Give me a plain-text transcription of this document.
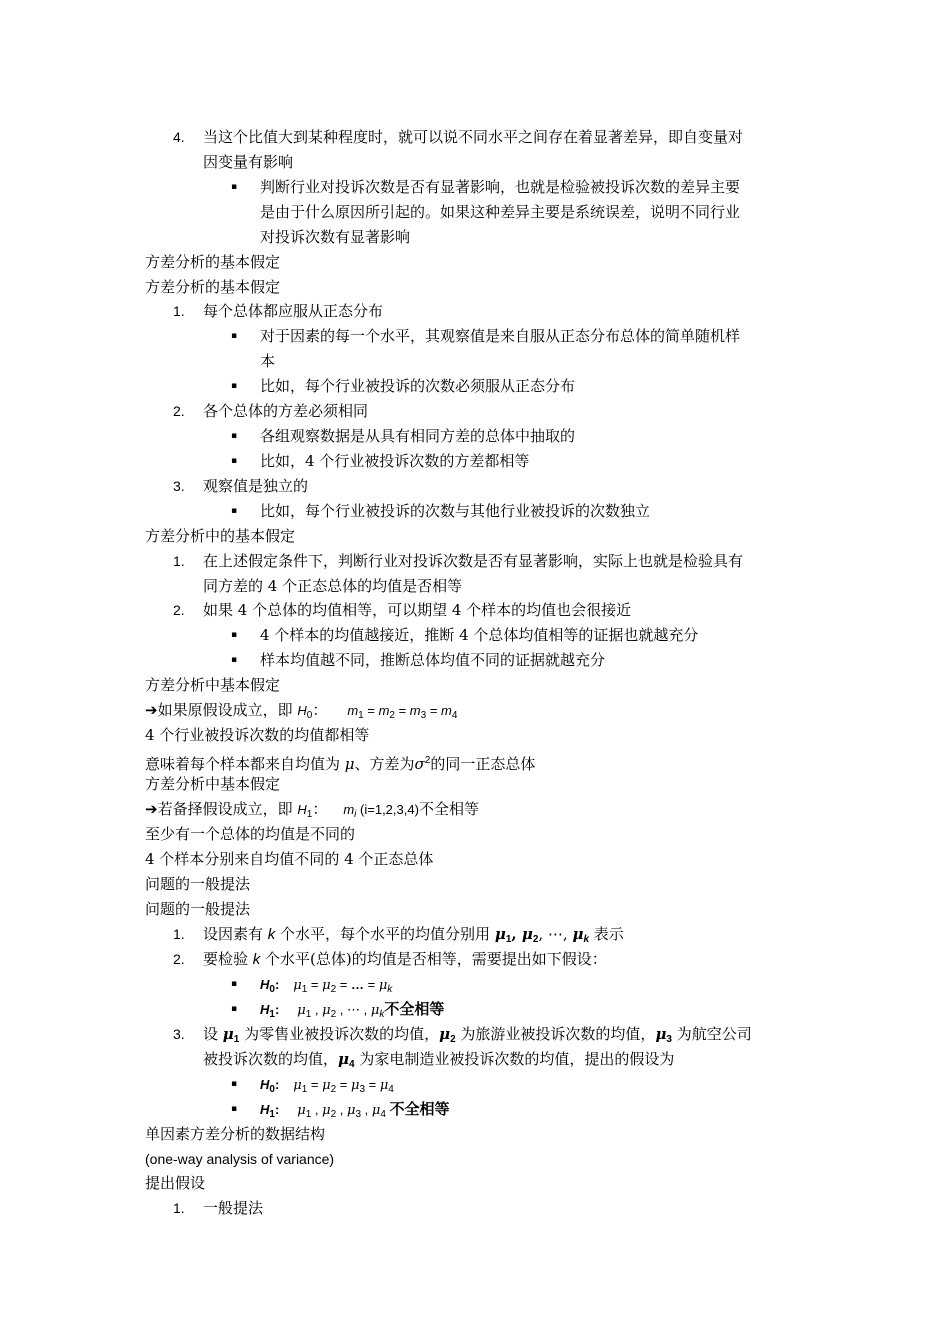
4.	当这个比值大到某种程度时，就可以说不同水平之间存在着显著差异，即自变量对
因变量有影响
▪ 判断行业对投诉次数是否有显著影响，也就是检验被投诉次数的差异主要
是由于什么原因所引起的。如果这种差异主要是系统误差，说明不同行业
对投诉次数有显著影响
方差分析的基本假定
方差分析的基本假定
1.	每个总体都应服从正态分布
▪ 对于因素的每一个水平，其观察值是来自服从正态分布总体的简单随机样
本
▪ 比如，每个行业被投诉的次数必须服从正态分布
2.	各个总体的方差必须相同
▪ 各组观察数据是从具有相同方差的总体中抽取的
▪ 比如，4 个行业被投诉次数的方差都相等
3.	观察值是独立的
▪ 比如，每个行业被投诉的次数与其他行业被投诉的次数独立
方差分析中的基本假定
1.	在上述假定条件下，判断行业对投诉次数是否有显著影响，实际上也就是检验具有
同方差的 4 个正态总体的均值是否相等
2.	如果 4 个总体的均值相等，可以期望 4 个样本的均值也会很接近
▪ 4 个样本的均值越接近，推断 4 个总体均值相等的证据也就越充分
▪ 样本均值越不同，推断总体均值不同的证据就越充分
方差分析中基本假定
➔如果原假设成立，即 $H_0$： $m_1 = m_2 = m_3 = m_4$
4 个行业被投诉次数的均值都相等
意味着每个样本都来自均值为 μ、方差为$\sigma^2$的同一正态总体
方差分析中基本假定
➔若备择假设成立，即 $H_1$： $m_i$ (i=1,2,3,4)不全相等
至少有一个总体的均值是不同的
4 个样本分别来自均值不同的 4 个正态总体
问题的一般提法
问题的一般提法
1.	设因素有 k 个水平，每个水平的均值分别用 $\mu_1$, $\mu_2$, ⋯, $\mu_k$ 表示
2.	要检验 k 个水平(总体)的均值是否相等，需要提出如下假设：
▪ $H_0$: $\mu_1 = \mu_2$ = … = $\mu_k$
▪ $H_1$: $\mu_1$ , $\mu_2$ , ⋯ , $\mu_k$不全相等
3.	设 $\mu_1$ 为零售业被投诉次数的均值，$\mu_2$ 为旅游业被投诉次数的均值，$\mu_3$ 为航空公司
被投诉次数的均值，$\mu_4$ 为家电制造业被投诉次数的均值，提出的假设为
▪ $H_0$: $\mu_1 = \mu_2 = \mu_3 = \mu_4$
▪ $H_1$: $\mu_1$ , $\mu_2$ , $\mu_3$ , $\mu_4$ 不全相等
单因素方差分析的数据结构
(one-way analysis of variance)
提出假设
1.	一般提法
